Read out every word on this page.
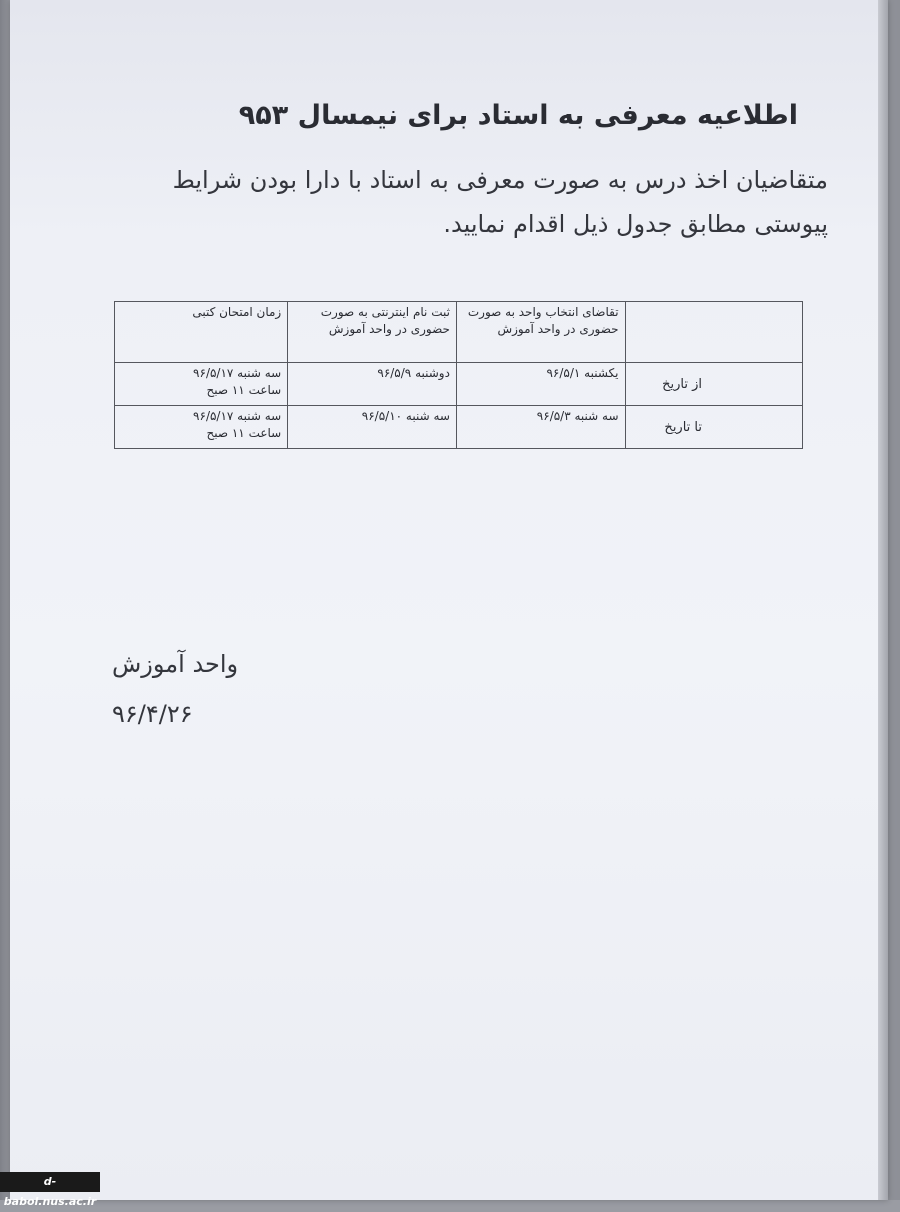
اطلاعیه معرفی به استاد برای نیمسال ۹۵۳
متقاضیان اخذ درس به صورت معرفی به استاد با دارا بودن شرایط پیوستی مطابق جدول ذیل اقدام نمایید.

	تقاضای انتخاب واحد به صورت حضوری در واحد آموزش	ثبت نام اینترنتی به صورت حضوری در واحد آموزش	زمان امتحان کتبی

از تاریخ	یکشنبه ۹۶/۵/۱	دوشنبه ۹۶/۵/۹	سه شنبه ۹۶/۵/۱۷
ساعت ۱۱ صبح

تا تاریخ	سه شنبه ۹۶/۵/۳	سه شنبه ۹۶/۵/۱۰	سه شنبه ۹۶/۵/۱۷
ساعت ۱۱ صبح
واحد آموزش
۹۶/۴/۲۶
d-babol.nus.ac.ir
